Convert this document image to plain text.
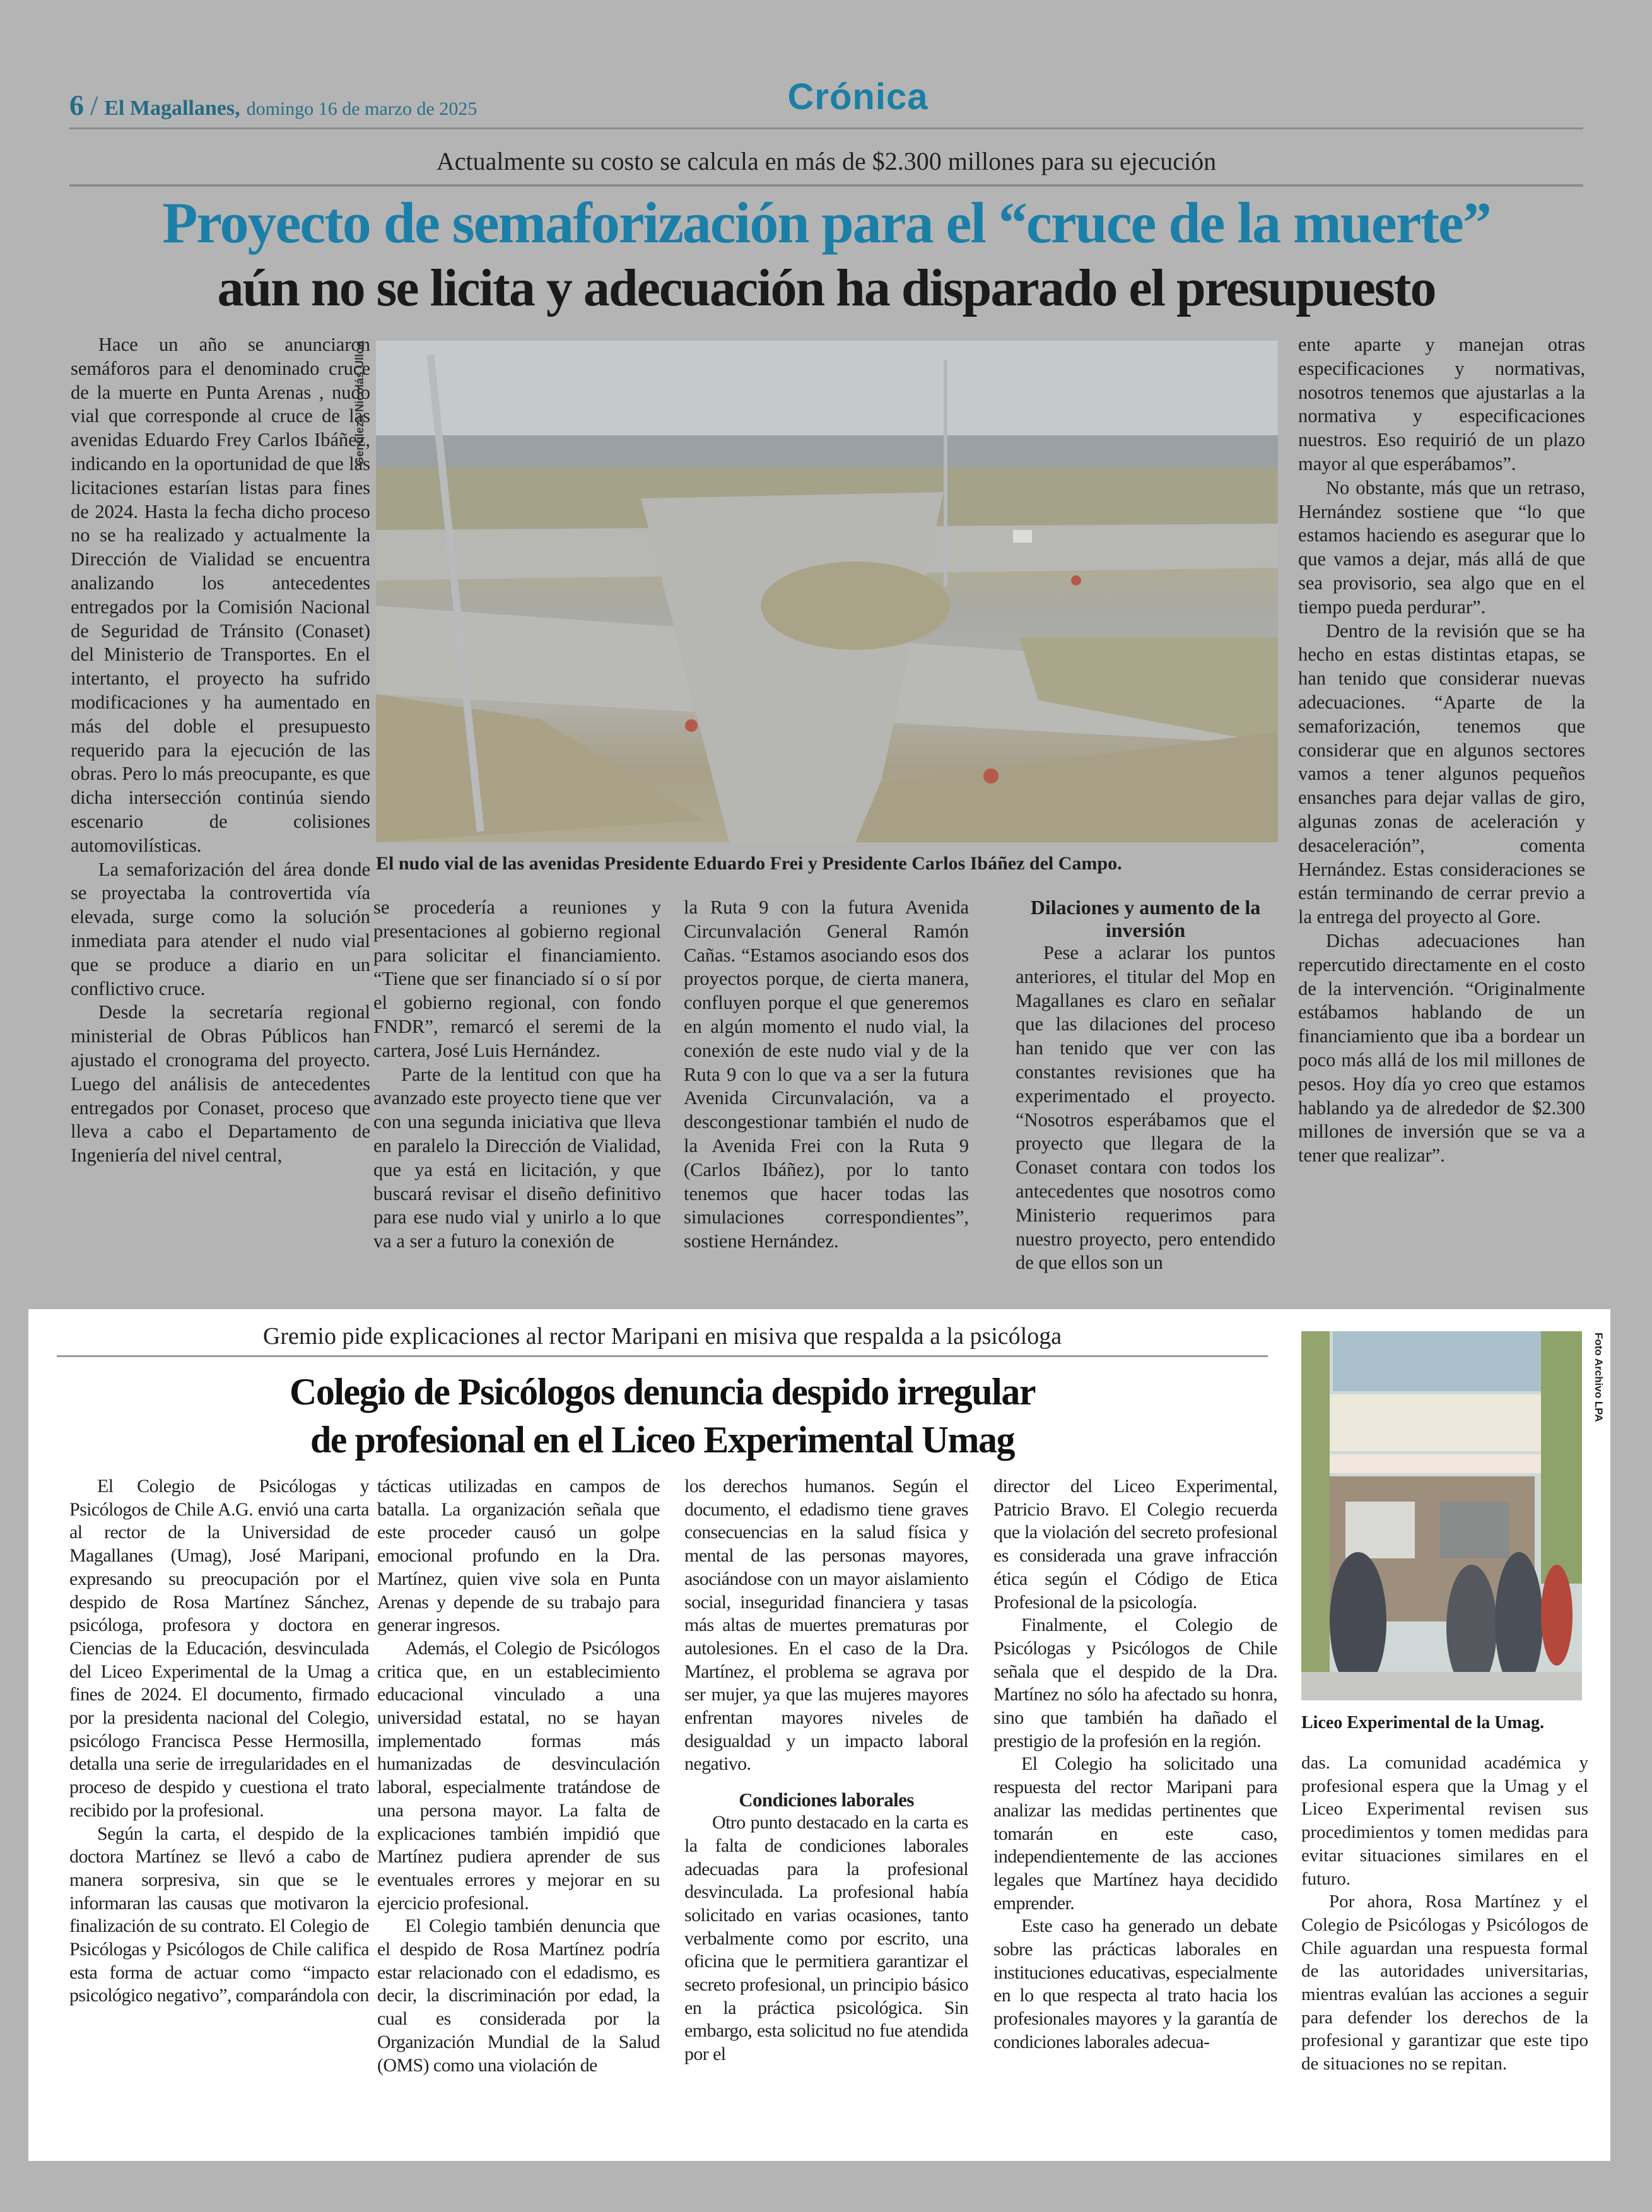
6 / El Magallanes, domingo 16 de marzo de 2025	Crónica
Actualmente su costo se calcula en más de $2.300 millones para su ejecución
Proyecto de semaforización para el “cruce de la muerte”
aún no se licita y adecuación ha disparado el presupuesto

Hace un año se anunciaron semáforos para el denominado cruce de la muerte en Punta Arenas , nudo vial que corresponde al cruce de las avenidas Eduardo Frey Carlos Ibáñez, indicando en la oportunidad de que las licitaciones estarían listas para fines de 2024. Hasta la fecha dicho proceso no se ha realizado y actualmente la Dirección de Vialidad se encuentra analizando los antecedentes entregados por la Comisión Nacional de Seguridad de Tránsito (Conaset) del Ministerio de Transportes. En el intertanto, el proyecto ha sufrido modificaciones y ha aumentado en más del doble el presupuesto requerido para la ejecución de las obras. Pero lo más preocupante, es que dicha intersección continúa siendo escenario de colisiones automovilísticas.

La semaforización del área donde se proyectaba la controvertida vía elevada, surge como la solución inmediata para atender el nudo vial que se produce a diario en un conflictivo cruce.

Desde la secretaría regional ministerial de Obras Públicos han ajustado el cronograma del proyecto. Luego del análisis de antecedentes entregados por Conaset, proceso que lleva a cabo el Departamento de Ingeniería del nivel central,

Gentileza Nicolás Ulloa
El nudo vial de las avenidas Presidente Eduardo Frei y Presidente Carlos Ibáñez del Campo.

se procedería a reuniones y presentaciones al gobierno regional para solicitar el financiamiento. “Tiene que ser financiado sí o sí por el gobierno regional, con fondo FNDR”, remarcó el seremi de la cartera, José Luis Hernández.

Parte de la lentitud con que ha avanzado este proyecto tiene que ver con una segunda iniciativa que lleva en paralelo la Dirección de Vialidad, que ya está en licitación, y que buscará revisar el diseño definitivo para ese nudo vial y unirlo a lo que va a ser a futuro la conexión de

la Ruta 9 con la futura Avenida Circunvalación General Ramón Cañas. “Estamos asociando esos dos proyectos porque, de cierta manera, confluyen porque el que generemos en algún momento el nudo vial, la conexión de este nudo vial y de la Ruta 9 con lo que va a ser la futura Avenida Circunvalación, va a descongestionar también el nudo de la Avenida Frei con la Ruta 9 (Carlos Ibáñez), por lo tanto tenemos que hacer todas las simulaciones correspondientes”, sostiene Hernández.

Dilaciones y aumento de la inversión

Pese a aclarar los puntos anteriores, el titular del Mop en Magallanes es claro en señalar que las dilaciones del proceso han tenido que ver con las constantes revisiones que ha experimentado el proyecto. “Nosotros esperábamos que el proyecto que llegara de la Conaset contara con todos los antecedentes que nosotros como Ministerio requerimos para nuestro proyecto, pero entendido de que ellos son un

ente aparte y manejan otras especificaciones y normativas, nosotros tenemos que ajustarlas a la normativa y especificaciones nuestros. Eso requirió de un plazo mayor al que esperábamos”.

No obstante, más que un retraso, Hernández sostiene que “lo que estamos haciendo es asegurar que lo que vamos a dejar, más allá de que sea provisorio, sea algo que en el tiempo pueda perdurar”.

Dentro de la revisión que se ha hecho en estas distintas etapas, se han tenido que considerar nuevas adecuaciones. “Aparte de la semaforización, tenemos que considerar que en algunos sectores vamos a tener algunos pequeños ensanches para dejar vallas de giro, algunas zonas de aceleración y desaceleración”, comenta Hernández. Estas consideraciones se están terminando de cerrar previo a la entrega del proyecto al Gore.

Dichas adecuaciones han repercutido directamente en el costo de la intervención. “Originalmente estábamos hablando de un financiamiento que iba a bordear un poco más allá de los mil millones de pesos. Hoy día yo creo que estamos hablando ya de alrededor de $2.300 millones de inversión que se va a tener que realizar”.

Gremio pide explicaciones al rector Maripani en misiva que respalda a la psicóloga
Colegio de Psicólogos denuncia despido irregular
de profesional en el Liceo Experimental Umag
Foto Archivo LPA
Liceo Experimental de la Umag.

El Colegio de Psicólogas y Psicólogos de Chile A.G. envió una carta al rector de la Universidad de Magallanes (Umag), José Maripani, expresando su preocupación por el despido de Rosa Martínez Sánchez, psicóloga, profesora y doctora en Ciencias de la Educación, desvinculada del Liceo Experimental de la Umag a fines de 2024. El documento, firmado por la presidenta nacional del Colegio, psicólogo Francisca Pesse Hermosilla, detalla una serie de irregularidades en el proceso de despido y cuestiona el trato recibido por la profesional.

Según la carta, el despido de la doctora Martínez se llevó a cabo de manera sorpresiva, sin que se le informaran las causas que motivaron la finalización de su contrato. El Colegio de Psicólogas y Psicólogos de Chile califica esta forma de actuar como “impacto psicológico negativo”, comparándola con

tácticas utilizadas en campos de batalla. La organización señala que este proceder causó un golpe emocional profundo en la Dra. Martínez, quien vive sola en Punta Arenas y depende de su trabajo para generar ingresos.

Además, el Colegio de Psicólogos critica que, en un establecimiento educacional vinculado a una universidad estatal, no se hayan implementado formas más humanizadas de desvinculación laboral, especialmente tratándose de una persona mayor. La falta de explicaciones también impidió que Martínez pudiera aprender de sus eventuales errores y mejorar en su ejercicio profesional.

El Colegio también denuncia que el despido de Rosa Martínez podría estar relacionado con el edadismo, es decir, la discriminación por edad, la cual es considerada por la Organización Mundial de la Salud (OMS) como una violación de

los derechos humanos. Según el documento, el edadismo tiene graves consecuencias en la salud física y mental de las personas mayores, asociándose con un mayor aislamiento social, inseguridad financiera y tasas más altas de muertes prematuras por autolesiones. En el caso de la Dra. Martínez, el problema se agrava por ser mujer, ya que las mujeres mayores enfrentan mayores niveles de desigualdad y un impacto laboral negativo.

Condiciones laborales

Otro punto destacado en la carta es la falta de condiciones laborales adecuadas para la profesional desvinculada. La profesional había solicitado en varias ocasiones, tanto verbalmente como por escrito, una oficina que le permitiera garantizar el secreto profesional, un principio básico en la práctica psicológica. Sin embargo, esta solicitud no fue atendida por el

director del Liceo Experimental, Patricio Bravo. El Colegio recuerda que la violación del secreto profesional es considerada una grave infracción ética según el Código de Etica Profesional de la psicología.

Finalmente, el Colegio de Psicólogas y Psicólogos de Chile señala que el despido de la Dra. Martínez no sólo ha afectado su honra, sino que también ha dañado el prestigio de la profesión en la región.

El Colegio ha solicitado una respuesta del rector Maripani para analizar las medidas pertinentes que tomarán en este caso, independientemente de las acciones legales que Martínez haya decidido emprender.

Este caso ha generado un debate sobre las prácticas laborales en instituciones educativas, especialmente en lo que respecta al trato hacia los profesionales mayores y la garantía de condiciones laborales adecua-

das. La comunidad académica y profesional espera que la Umag y el Liceo Experimental revisen sus procedimientos y tomen medidas para evitar situaciones similares en el futuro.

Por ahora, Rosa Martínez y el Colegio de Psicólogas y Psicólogos de Chile aguardan una respuesta formal de las autoridades universitarias, mientras evalúan las acciones a seguir para defender los derechos de la profesional y garantizar que este tipo de situaciones no se repitan.
